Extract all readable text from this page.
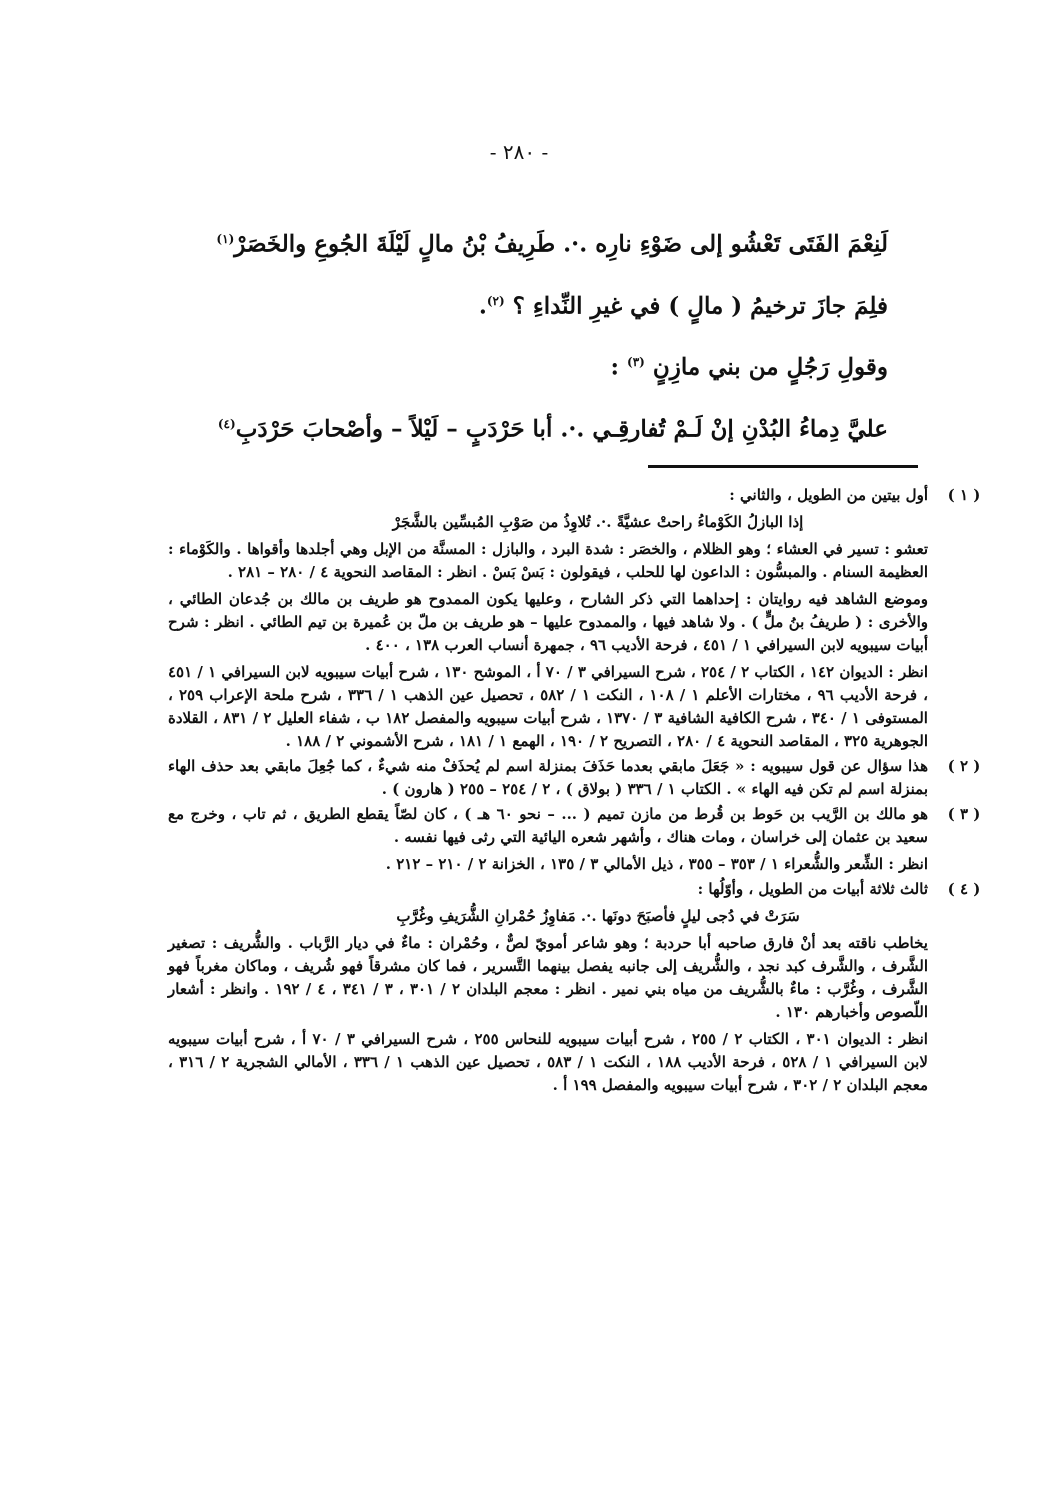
- ٢٨٠ -
لَنِعْمَ الفَتَى تَعْشُو إلى ضَوْءِ نارِه .·. طَرِيفُ بْنُ مالٍ لَيْلَةَ الجُوعِ والخَصَرْ$^{(١)}$
فلِمَ جازَ ترخيمُ ( مالٍ ) في غيرِ النِّداءِ ؟ $^{(٢)}$.
وقولِ رَجُلٍ من بني مازِنٍ $^{(٣)}$ :
عليَّ دِماءُ البُدْنِ إنْ لَـمْ تُفارقِـي .·. أبا حَرْدَبٍ – لَيْلاً – وأصْحابَ حَرْدَبِ$^{(٤)}$
( ١ )

أول بيتين من الطويل ، والثاني :

إذا البازلُ الكَوْماءُ راحتْ عشيَّةً .·. تُلاوِذُ من صَوْبِ المُبسِّين بالشَّجَرْ

تعشو : تسير في العشاء ؛ وهو الظلام ، والخصَر : شدة البرد ، والبازل : المسنَّة من الإبل وهي أجلدها وأقواها . والكَوْماء : العظيمة السنام . والمبسُّون : الداعون لها للحلب ، فيقولون : بَسْ بَسْ . انظر : المقاصد النحوية ٤ / ٢٨٠ – ٢٨١ .

وموضع الشاهد فيه روايتان : إحداهما التي ذكر الشارح ، وعليها يكون الممدوح هو طريف بن مالك بن جُدعان الطائي ، والأخرى : ( طريفُ بنُ ملٍّ ) . ولا شاهد فيها ، والممدوح عليها – هو طريف بن ملّ بن عُميرة بن تيم الطائي . انظر : شرح أبيات سيبويه لابن السيرافي ١ / ٤٥١ ، فرحة الأديب ٩٦ ، جمهرة أنساب العرب ١٣٨ ، ٤٠٠ .

انظر : الديوان ١٤٢ ، الكتاب ٢ / ٢٥٤ ، شرح السيرافي ٣ / ٧٠ أ ، الموشح ١٣٠ ، شرح أبيات سيبويه لابن السيرافي ١ / ٤٥١ ، فرحة الأديب ٩٦ ، مختارات الأعلم ١ / ١٠٨ ، النكت ١ / ٥٨٢ ، تحصيل عين الذهب ١ / ٣٣٦ ، شرح ملحة الإعراب ٢٥٩ ، المستوفى ١ / ٣٤٠ ، شرح الكافية الشافية ٣ / ١٣٧٠ ، شرح أبيات سيبويه والمفصل ١٨٢ ب ، شفاء العليل ٢ / ٨٣١ ، القلادة الجوهرية ٣٢٥ ، المقاصد النحوية ٤ / ٢٨٠ ، التصريح ٢ / ١٩٠ ، الهمع ١ / ١٨١ ، شرح الأشموني ٢ / ١٨٨ .

( ٢ )

هذا سؤال عن قول سيبويه : « جَعَلَ مابقي بعدما حَذَفَ بمنزلة اسم لم يُحذَفْ منه شيءٌ ، كما جُعِلَ مابقي بعد حذف الهاء بمنزلة اسم لم تكن فيه الهاء » . الكتاب ١ / ٣٣٦ ( بولاق ) ، ٢ / ٢٥٤ – ٢٥٥ ( هارون ) .

( ٣ )

هو مالك بن الرَّيب بن حَوط بن قُرط من مازن تميم ( ... – نحو ٦٠ هـ ) ، كان لصّاً يقطع الطريق ، ثم تاب ، وخرج مع سعيد بن عثمان إلى خراسان ، ومات هناك ، وأشهر شعره اليائية التي رثى فيها نفسه .

انظر : الشِّعر والشُّعراء ١ / ٣٥٣ – ٣٥٥ ، ذيل الأمالي ٣ / ١٣٥ ، الخزانة ٢ / ٢١٠ – ٢١٢ .

( ٤ )

ثالث ثلاثة أبيات من الطويل ، وأوّلُها :

سَرَتْ في دُجى ليلٍ فأصبَحَ دونَها .·. مَفاوِزُ حُمْرانِ الشُّرَيفِ وغُرَّبِ

يخاطب ناقته بعد أنْ فارق صاحبه أبا حردبة ؛ وهو شاعر أمويّ لصٌّ ، وحُمْران : ماءٌ في ديار الرَّباب . والشُّريف : تصغير الشَّرف ، والشَّرف كبد نجد ، والشُّريف إلى جانبه يفصل بينهما التَّسرير ، فما كان مشرقاً فهو شُريف ، وماكان مغرباً فهو الشَّرف ، وغُرَّب : ماءٌ بالشُّريف من مياه بني نمير . انظر : معجم البلدان ٢ / ٣٠١ ، ٣ / ٣٤١ ، ٤ / ١٩٢ . وانظر : أشعار اللّصوص وأخبارهم ١٣٠ .

انظر : الديوان ٣٠١ ، الكتاب ٢ / ٢٥٥ ، شرح أبيات سيبويه للنحاس ٢٥٥ ، شرح السيرافي ٣ / ٧٠ أ ، شرح أبيات سيبويه لابن السيرافي ١ / ٥٢٨ ، فرحة الأديب ١٨٨ ، النكت ١ / ٥٨٣ ، تحصيل عين الذهب ١ / ٣٣٦ ، الأمالي الشجرية ٢ / ٣١٦ ، معجم البلدان ٢ / ٣٠٢ ، شرح أبيات سيبويه والمفصل ١٩٩ أ .
